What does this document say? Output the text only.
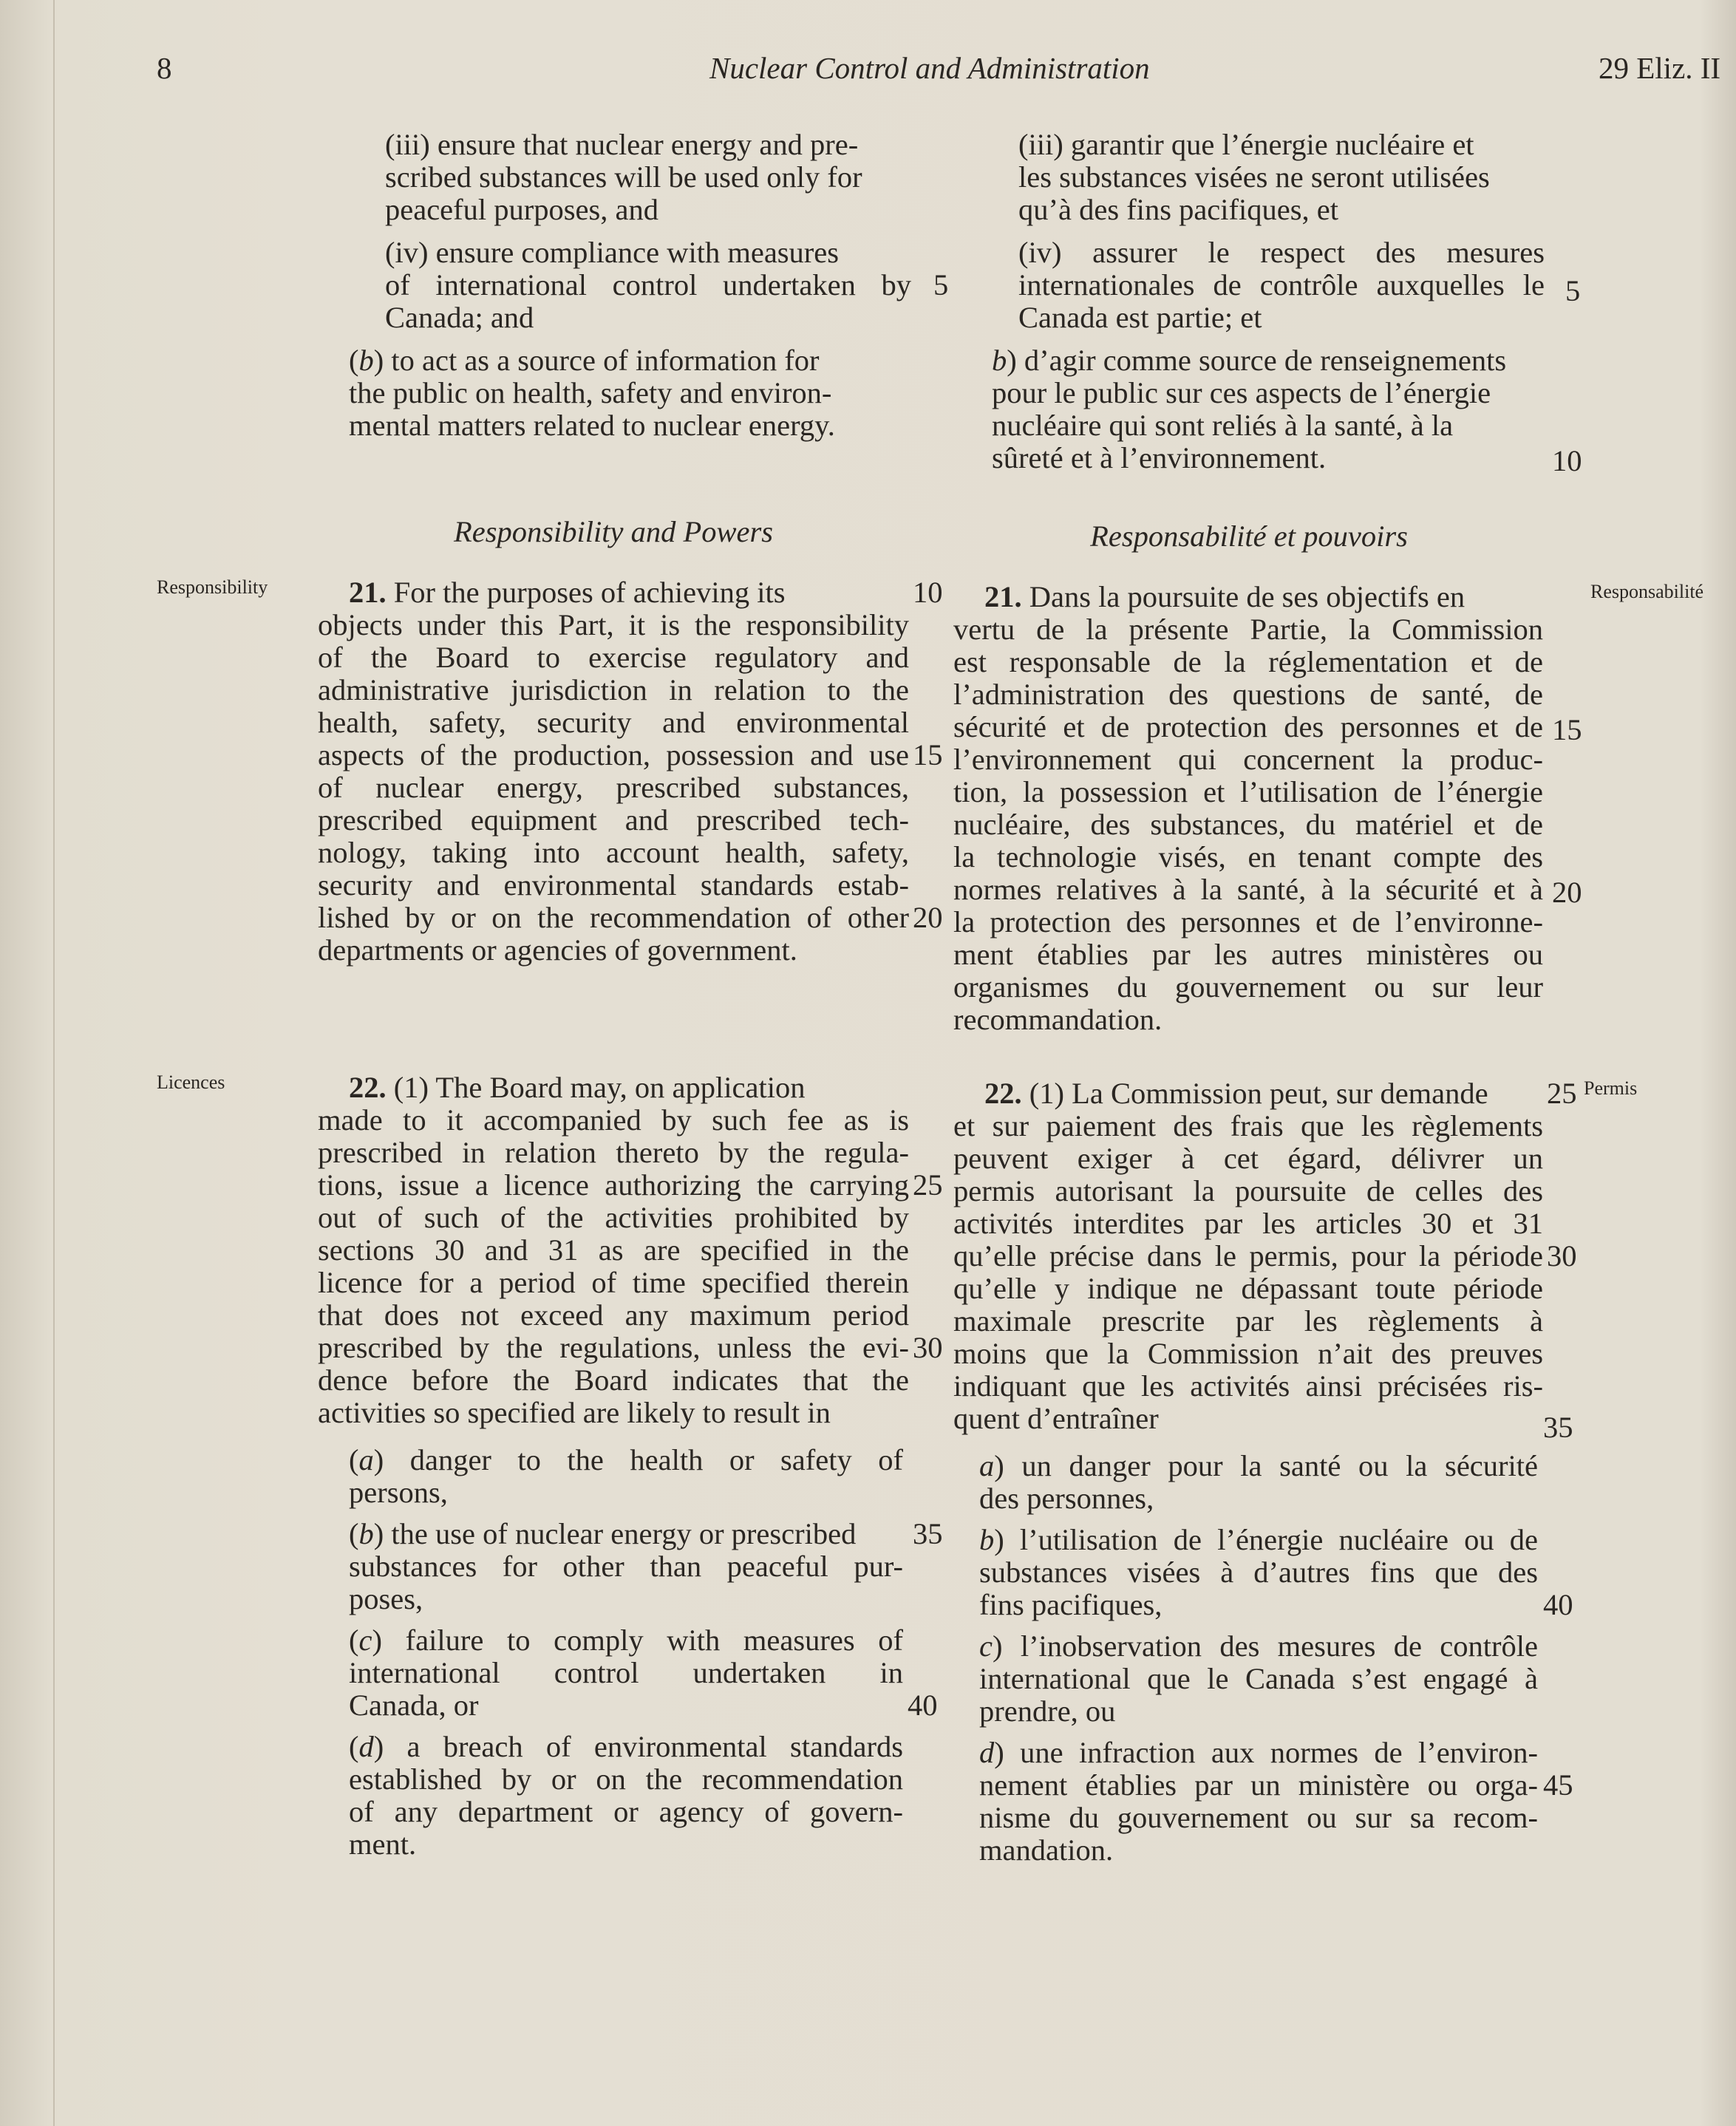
8	Nuclear Control and Administration	29 Eliz. II
Responsibility	Responsabilité
Licences	Permis
(iii) ensure that nuclear energy and pre-
scribed substances will be used only for
peaceful purposes, and
(iv) ensure compliance with measures
of international control undertaken by
Canada; and
(b) to act as a source of information for
the public on health, safety and environ-
mental matters related to nuclear energy.
Responsibility and Powers
21. For the purposes of achieving its
objects under this Part, it is the responsibility
of the Board to exercise regulatory and
administrative jurisdiction in relation to the
health, safety, security and environmental
aspects of the production, possession and use
of nuclear energy, prescribed substances,
prescribed equipment and prescribed tech-
nology, taking into account health, safety,
security and environmental standards estab-
lished by or on the recommendation of other
departments or agencies of government.
22. (1) The Board may, on application
made to it accompanied by such fee as is
prescribed in relation thereto by the regula-
tions, issue a licence authorizing the carrying
out of such of the activities prohibited by
sections 30 and 31 as are specified in the
licence for a period of time specified therein
that does not exceed any maximum period
prescribed by the regulations, unless the evi-
dence before the Board indicates that the
activities so specified are likely to result in
(a) danger to the health or safety of
persons,
(b) the use of nuclear energy or prescribed
substances for other than peaceful pur-
poses,
(c) failure to comply with measures of
international control undertaken in
Canada, or
(d) a breach of environmental standards
established by or on the recommendation
of any department or agency of govern-
ment.
5
10
15
20
25
30
35
40
(iii) garantir que l’énergie nucléaire et
les substances visées ne seront utilisées
qu’à des fins pacifiques, et
(iv) assurer le respect des mesures
internationales de contrôle auxquelles le
Canada est partie; et
b) d’agir comme source de renseignements
pour le public sur ces aspects de l’énergie
nucléaire qui sont reliés à la santé, à la
sûreté et à l’environnement.
Responsabilité et pouvoirs
21. Dans la poursuite de ses objectifs en
vertu de la présente Partie, la Commission
est responsable de la réglementation et de
l’administration des questions de santé, de
sécurité et de protection des personnes et de
l’environnement qui concernent la produc-
tion, la possession et l’utilisation de l’énergie
nucléaire, des substances, du matériel et de
la technologie visés, en tenant compte des
normes relatives à la santé, à la sécurité et à
la protection des personnes et de l’environne-
ment établies par les autres ministères ou
organismes du gouvernement ou sur leur
recommandation.
22. (1) La Commission peut, sur demande
et sur paiement des frais que les règlements
peuvent exiger à cet égard, délivrer un
permis autorisant la poursuite de celles des
activités interdites par les articles 30 et 31
qu’elle précise dans le permis, pour la période
qu’elle y indique ne dépassant toute période
maximale prescrite par les règlements à
moins que la Commission n’ait des preuves
indiquant que les activités ainsi précisées ris-
quent d’entraîner
a) un danger pour la santé ou la sécurité
des personnes,
b) l’utilisation de l’énergie nucléaire ou de
substances visées à d’autres fins que des
fins pacifiques,
c) l’inobservation des mesures de contrôle
international que le Canada s’est engagé à
prendre, ou
d) une infraction aux normes de l’environ-
nement établies par un ministère ou orga-
nisme du gouvernement ou sur sa recom-
mandation.
5
10
15
20
25
30
35
40
45
